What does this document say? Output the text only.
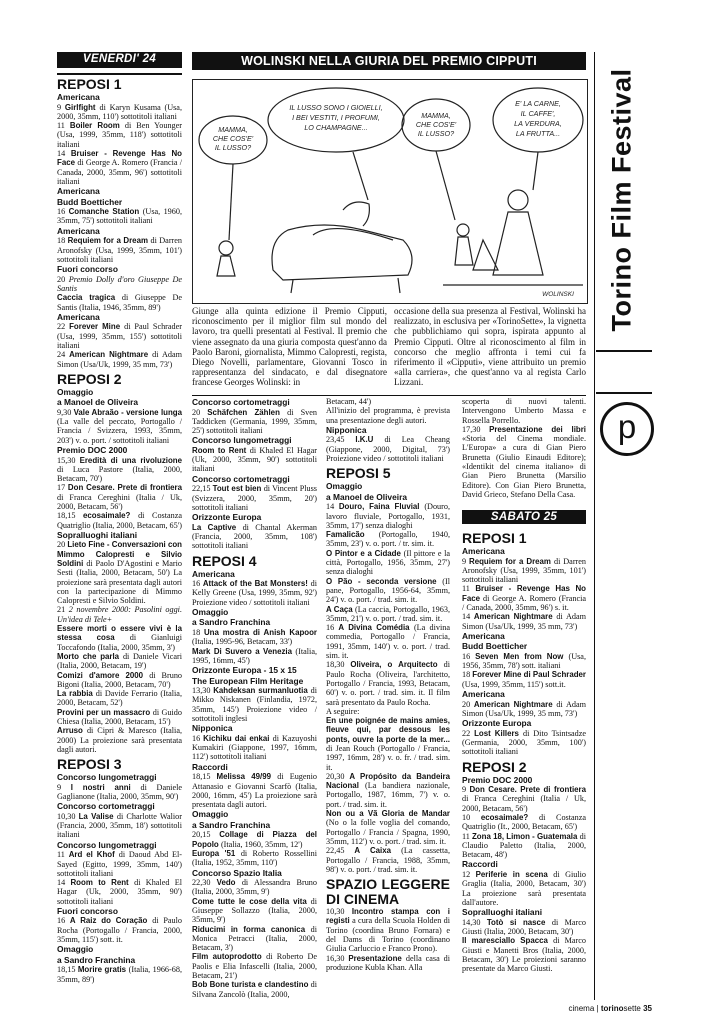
VENERDI' 24
REPOSI 1
Americana
9 Girlfight di Karyn Kusama (Usa, 2000, 35mm, 110') sottotitoli italiani
11 Boiler Room di Ben Younger (Usa, 1999, 35mm, 118') sottotitoli italiani
14 Bruiser - Revenge Has No Face di George A. Romero (Francia / Canada, 2000, 35mm, 96') sottotitoli italiani
Americana
Budd Boetticher
16 Comanche Station (Usa, 1960, 35mm, 75') sottotitoli italiani
Americana
18 Requiem for a Dream di Darren Aronofsky (Usa, 1999, 35mm, 101') sottotitoli italiani
Fuori concorso
20 Premio Dolly d'oro Giuseppe De Santis
Caccia tragica di Giuseppe De Santis (Italia, 1946, 35mm, 89')
Americana
22 Forever Mine di Paul Schrader (Usa, 1999, 35mm, 155') sottotitoli italiani
24 American Nightmare di Adam Simon (Usa/Uk, 1999, 35 mm, 73')
REPOSI 2
Omaggio
a Manoel de Oliveira
9,30 Vale Abraão - versione lunga (La valle del peccato, Portogallo / Francia / Svizzera, 1993, 35mm, 203') v. o. port. / sottotitoli italiani
Premio DOC 2000
15,30 Eredità di una rivoluzione di Luca Pastore (Italia, 2000, Betacam, 70')
17 Don Cesare. Prete di frontiera di Franca Cereghini (Italia / Uk, 2000, Betacam, 56')
18,15 ecosaimale? di Costanza Quatriglio (Italia, 2000, Betacam, 65')
Sopralluoghi italiani
20 Lieto Fine - Conversazioni con Mimmo Calopresti e Silvio Soldini di Paolo D'Agostini e Mario Sesti (Italia, 2000, Betacam, 50') La proiezione sarà presentata dagli autori con la partecipazione di Mimmo Calopresti e Silvio Soldini.
21 2 novembre 2000: Pasolini oggi. Un'idea di Tele+
Essere morti o essere vivi è la stessa cosa di Gianluigi Toccafondo (Italia, 2000, 35mm, 3')
Morto che parla di Daniele Vicari (Italia, 2000, Betacam, 19')
Comizi d'amore 2000 di Bruno Bigoni (Italia, 2000, Betacam, 70')
La rabbia di Davide Ferrario (Italia, 2000, Betacam, 52')
Provini per un massacro di Guido Chiesa (Italia, 2000, Betacam, 15')
Arruso di Cipri & Maresco (Italia, 2000) La proiezione sarà presentata dagli autori.
REPOSI 3
Concorso lungometraggi
9 I nostri anni di Daniele Gaglianone (Italia, 2000, 35mm, 90')
Concorso cortometraggi
10,30 La Valise di Charlotte Walior (Francia, 2000, 35mm, 18') sottotitoli italiani
Concorso lungometraggi
11 Ard el Khof di Daoud Abd El-Sayed (Egitto, 1999, 35mm, 140') sottotitoli italiani
14 Room to Rent di Khaled El Hagar (Uk, 2000, 35mm, 90') sottotitoli italiani
Fuori concorso
16 A Raiz do Coração di Paulo Rocha (Portogallo / Francia, 2000, 35mm, 115') sott. it.
Omaggio
a Sandro Franchina
18,15 Morire gratis (Italia, 1966-68, 35mm, 89')
WOLINSKI NELLA GIURIA DEL PREMIO CIPPUTI
MAMMA,
CHE COS'E'
IL LUSSO?
IL LUSSO SONO I GIOIELLI,
I BEI VESTITI, I PROFUMI,
LO CHAMPAGNE...
MAMMA,
CHE COS'E'
IL LUSSO?
E' LA CARNE,
IL CAFFE',
LA VERDURA,
LA FRUTTA...
WOLINSKI
Giunge alla quinta edizione il Premio Cipputi, riconoscimento per il miglior film sul mondo del lavoro, tra quelli presentati al Festival. Il premio che viene assegnato da una giuria composta quest'anno da Paolo Baroni, giornalista, Mimmo Calopresti, regista, Diego Novelli, parlamentare, Giovanni Tosco in rappresentanza del sindacato, e dal disegnatore francese Georges Wolinski: in
occasione della sua presenza al Festival, Wolinski ha realizzato, in esclusiva per «TorinoSette», la vignetta che pubblichiamo qui sopra, ispirata appunto al Premio Cipputi. Oltre al riconoscimento al film in concorso che meglio affronta i temi cui fa riferimento il «Cipputi», viene attribuito un premio «alla carriera», che quest'anno va al regista Carlo Lizzani.
Concorso cortometraggi
20 Schäfchen Zählen di Sven Taddicken (Germania, 1999, 35mm, 25') sottotitoli italiani
Concorso lungometraggi
Room to Rent di Khaled El Hagar (Uk, 2000, 35mm, 90') sottotitoli italiani
Concorso cortometraggi
22,15 Tout est bien di Vincent Pluss (Svizzera, 2000, 35mm, 20') sottotitoli italiani
Orizzonte Europa
La Captive di Chantal Akerman (Francia, 2000, 35mm, 108') sottotitoli italiani
REPOSI 4
Americana
16 Attack of the Bat Monsters! di Kelly Greene (Usa, 1999, 35mm, 92') Proiezione video / sottotitoli italiani
Omaggio
a Sandro Franchina
18 Una mostra di Anish Kapoor (Italia, 1995-96, Betacam, 33')
Mark Di Suvero a Venezia (Italia, 1995, 16mm, 45')
Orizzonte Europa - 15 x 15
The European Film Heritage
13,30 Kahdeksan surmanluotia di Mikko Niskanen (Finlandia, 1972, 35mm, 145') Proiezione video / sottotitoli inglesi
Nipponica
16 Kichiku dai enkai di Kazuyoshi Kumakiri (Giappone, 1997, 16mm, 112') sottotitoli italiani
Raccordi
18,15 Melissa 49/99 di Eugenio Attanasio e Giovanni Scarfò (Italia, 2000, 16mm, 45') La proiezione sarà presentata dagli autori.
Omaggio
a Sandro Franchina
20,15 Collage di Piazza del Popolo (Italia, 1960, 35mm, 12')
Europa '51 di Roberto Rossellini (Italia, 1952, 35mm, 110')
Concorso Spazio Italia
22,30 Vedo di Alessandra Bruno (Italia, 2000, 35mm, 9')
Come tutte le cose della vita di Giuseppe Sollazzo (Italia, 2000, 35mm, 9')
Riducimi in forma canonica di Monica Petracci (Italia, 2000, Betacam, 3')
Film autoprodotto di Roberto De Paolis e Elia Infascelli (Italia, 2000, Betacam, 21')
Bob Bone turista e clandestino di Silvana Zancolò (Italia, 2000,
Betacam, 44')
All'inizio del programma, è prevista una presentazione degli autori.
Nipponica
23,45 I.K.U di Lea Cheang (Giappone, 2000, Digital, 73') Proiezione video / sottotitoli italiani
REPOSI 5
Omaggio
a Manoel de Oliveira
14 Douro, Faina Fluvial (Douro, lavoro fluviale, Portogallo, 1931, 35mm, 17') senza dialoghi
Famalicão (Portogallo, 1940, 35mm, 23') v. o. port. / tr. sim. it.
O Pintor e a Cidade (Il pittore e la città, Portogallo, 1956, 35mm, 27') senza dialoghi
O Pão - seconda versione (Il pane, Portogallo, 1956-64, 35mm, 24') v. o. port. / trad. sim. it.
A Caça (La caccia, Portogallo, 1963, 35mm, 21') v. o. port. / trad. sim. it.
16 A Divina Comédia (La divina commedia, Portogallo / Francia, 1991, 35mm, 140') v. o. port. / trad. sim. it.
18,30 Oliveira, o Arquitecto di Paulo Rocha (Oliveira, l'architetto, Portogallo / Francia, 1993, Betacam, 60') v. o. port. / trad. sim. it. Il film sarà presentato da Paulo Rocha.
A seguire:
En une poignée de mains amies, fleuve qui, par dessous les ponts, ouvre la porte de la mer... di Jean Rouch (Portogallo / Francia, 1997, 16mm, 28') v. o. fr. / trad. sim. it.
20,30 A Propósito da Bandeira Nacional (La bandiera nazionale, Portogallo, 1987, 16mm, 7') v. o. port. / trad. sim. it.
Non ou a Vã Gloria de Mandar (No o la folle voglia del comando, Portogallo / Francia / Spagna, 1990, 35mm, 112') v. o. port. / trad. sim. it.
22,45 A Caixa (La cassetta, Portogallo / Francia, 1988, 35mm, 98') v. o. port. / trad. sim. it.
SPAZIO LEGGERE DI CINEMA
10,30 Incontro stampa con i registi a cura della Scuola Holden di Torino (coordina Bruno Fornara) e del Dams di Torino (coordinano Giulia Carluccio e Franco Prono).
16,30 Presentazione della casa di produzione Kubla Khan. Alla
scoperta di nuovi talenti. Intervengono Umberto Massa e Rossella Porrello.
17,30 Presentazione dei libri «Storia del Cinema mondiale. L'Europa» a cura di Gian Piero Brunetta (Giulio Einaudi Editore); «Identikit del cinema italiano» di Gian Piero Brunetta (Marsilio Editore). Con Gian Piero Brunetta, David Grieco, Stefano Della Casa.
SABATO 25
REPOSI 1
Americana
9 Requiem for a Dream di Darren Aronofsky (Usa, 1999, 35mm, 101') sottotitoli italiani
11 Bruiser - Revenge Has No Face di George A. Romero (Francia / Canada, 2000, 35mm, 96') s. it.
14 American Nightmare di Adam Simon (Usa/Uk, 1999, 35 mm, 73')
Americana
Budd Boetticher
16 Seven Men from Now (Usa, 1956, 35mm, 78') sott. italiani
18 Forever Mine di Paul Schrader (Usa, 1999, 35mm, 115') sott.it.
Americana
20 American Nightmare di Adam Simon (Usa/Uk, 1999, 35 mm, 73')
Orizzonte Europa
22 Lost Killers di Dito Tsintsadze (Germania, 2000, 35mm, 100') sottotitoli italiani
REPOSI 2
Premio DOC 2000
9 Don Cesare. Prete di frontiera di Franca Cereghini (Italia / Uk, 2000, Betacam, 56')
10 ecosaimale? di Costanza Quatriglio (It., 2000, Betacam, 65')
11 Zona 18, Limon - Guatemala di Claudio Paletto (Italia, 2000, Betacam, 48')
Raccordi
12 Periferie in scena di Giulio Graglia (Italia, 2000, Betacam, 30') La proiezione sarà presentata dall'autore.
Sopralluoghi italiani
14,30 Totò si nasce di Marco Giusti (Italia, 2000, Betacam, 30')
Il maresciallo Spacca di Marco Giusti e Manetti Bros (Italia, 2000, Betacam, 30') Le proiezioni saranno presentate da Marco Giusti.
Torino Film Festival
p
cinema | torinosette 35
